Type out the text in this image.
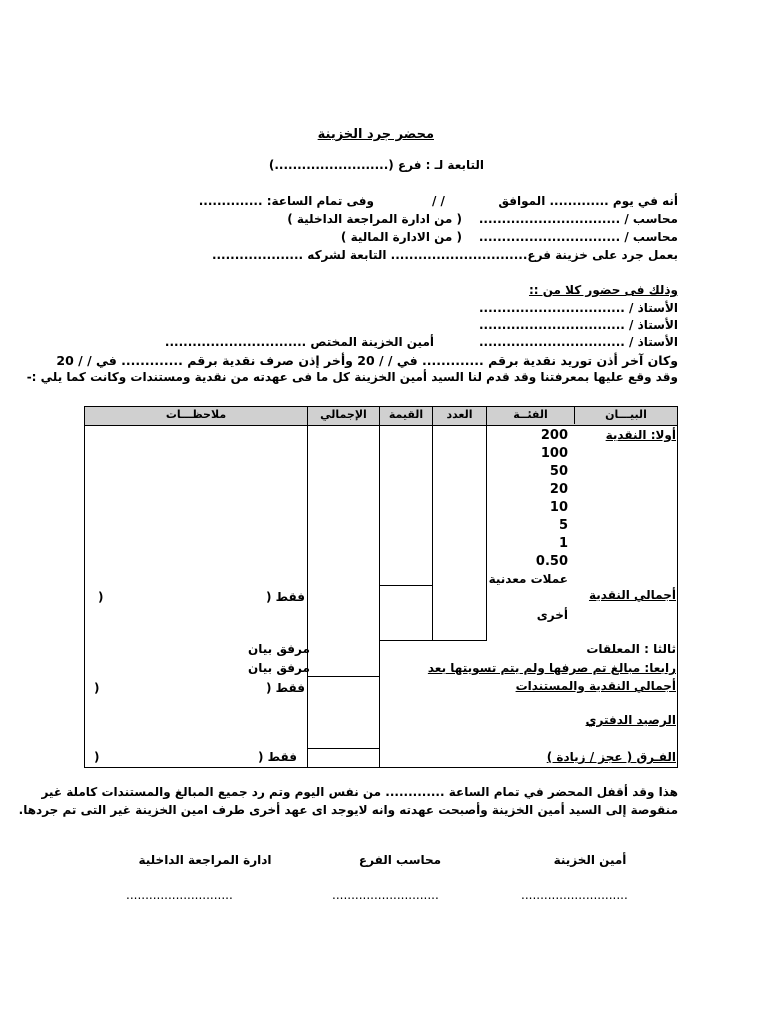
محضر جرد الخزينة
التابعة لـ : فرع (.........................)
أنه في يوم ............. الموافق
/ /
وفى تمام الساعة: ..............
محاسب / ...............................
( من ادارة المراجعة الداخلية )
محاسب / ...............................
( من الادارة المالية )
بعمل جرد على خزينة فرع.............................. التابعة لشركه ....................
وذلك فى حضور كلا من ::
الأستاذ / ................................
الأستاذ / ................................
الأستاذ / ................................
أمين الخزينة المختص ...............................
وكان آخر أذن توريد نقدية برقم ............. في / / 20 وأخر إذن صرف نقدية برقم ............. في / / 20
وقد وقع عليها بمعرفتنا وقد قدم لنا السيد أمين الخزينة كل ما فى عهدته من نقدية ومستندات وكانت كما يلي :-
البيـــان
الفئــة
العدد
القيمة
الإجمالي
ملاحظـــات
أولا: النقدية
200
100
50
20
10
5
1
0.50
عملات معدنية
أخرى
أجمالي النقدية
فقط (
)
ثالثا : المعلقات
مرفق بيان
رابعا: مبالغ تم صرفها ولم يتم تسويتها بعد
مرفق بيان
أجمالي النقدية والمستندات
فقط (
)
الرصيد الدفتري
الفـرق ( عجز / زيادة )
فقط (
)
هذا وقد أقفل المحضر في تمام الساعة ............. من نفس اليوم وتم رد جميع المبالغ والمستندات كاملة غير
منقوصة إلى السيد أمين الخزينة وأصبحت عهدته وانه لايوجد اى عهد أخرى طرف امين الخزينة غير التى تم جردها.
أمين الخزينة
محاسب الفرع
ادارة المراجعة الداخلية
............................
............................
............................
